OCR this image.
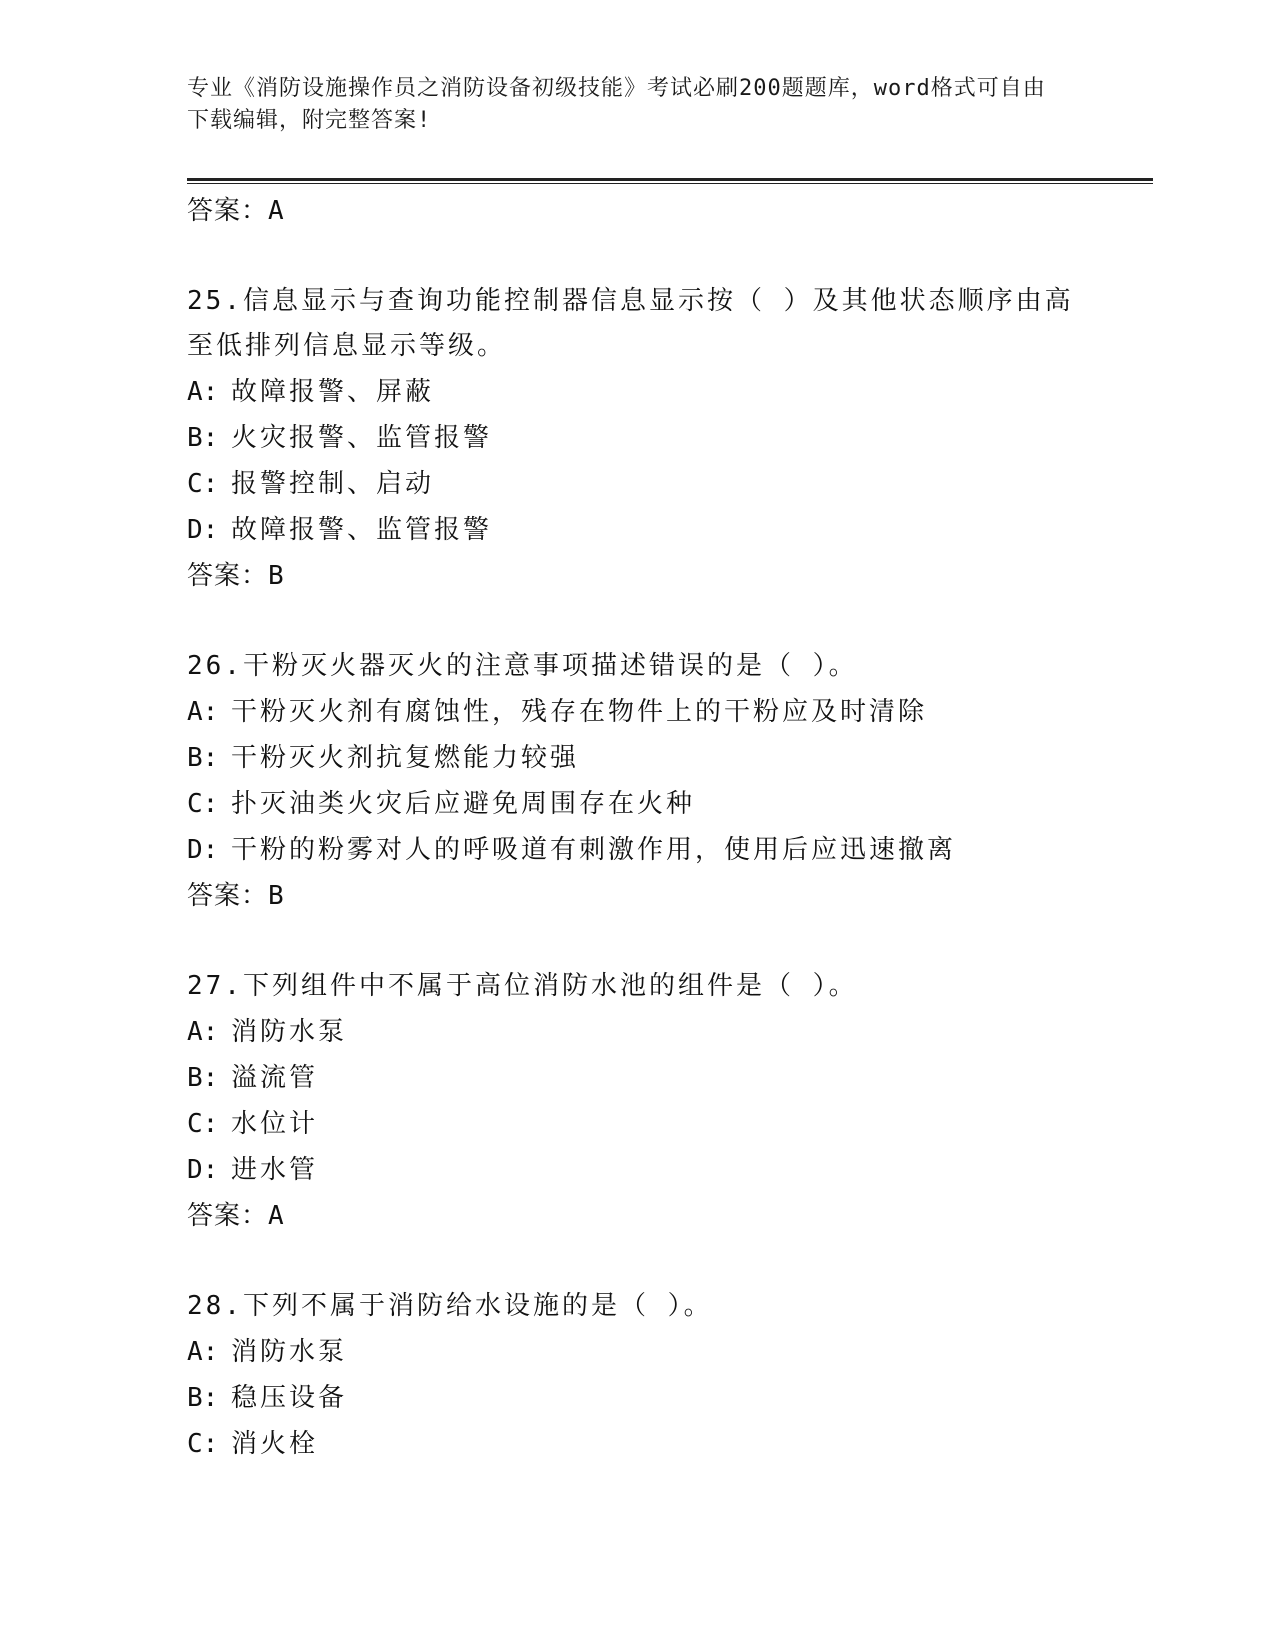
专业《消防设施操作员之消防设备初级技能》考试必刷200题题库，word格式可自由下载编辑，附完整答案!
答案：A
25.信息显示与查询功能控制器信息显示按（ ）及其他状态顺序由高至低排列信息显示等级。
A: 故障报警、屏蔽
B: 火灾报警、监管报警
C: 报警控制、启动
D: 故障报警、监管报警
答案：B
26.干粉灭火器灭火的注意事项描述错误的是（ ）。
A: 干粉灭火剂有腐蚀性，残存在物件上的干粉应及时清除
B: 干粉灭火剂抗复燃能力较强
C: 扑灭油类火灾后应避免周围存在火种
D: 干粉的粉雾对人的呼吸道有刺激作用，使用后应迅速撤离
答案：B
27.下列组件中不属于高位消防水池的组件是（ ）。
A: 消防水泵
B: 溢流管
C: 水位计
D: 进水管
答案：A
28.下列不属于消防给水设施的是（ ）。
A: 消防水泵
B: 稳压设备
C: 消火栓
